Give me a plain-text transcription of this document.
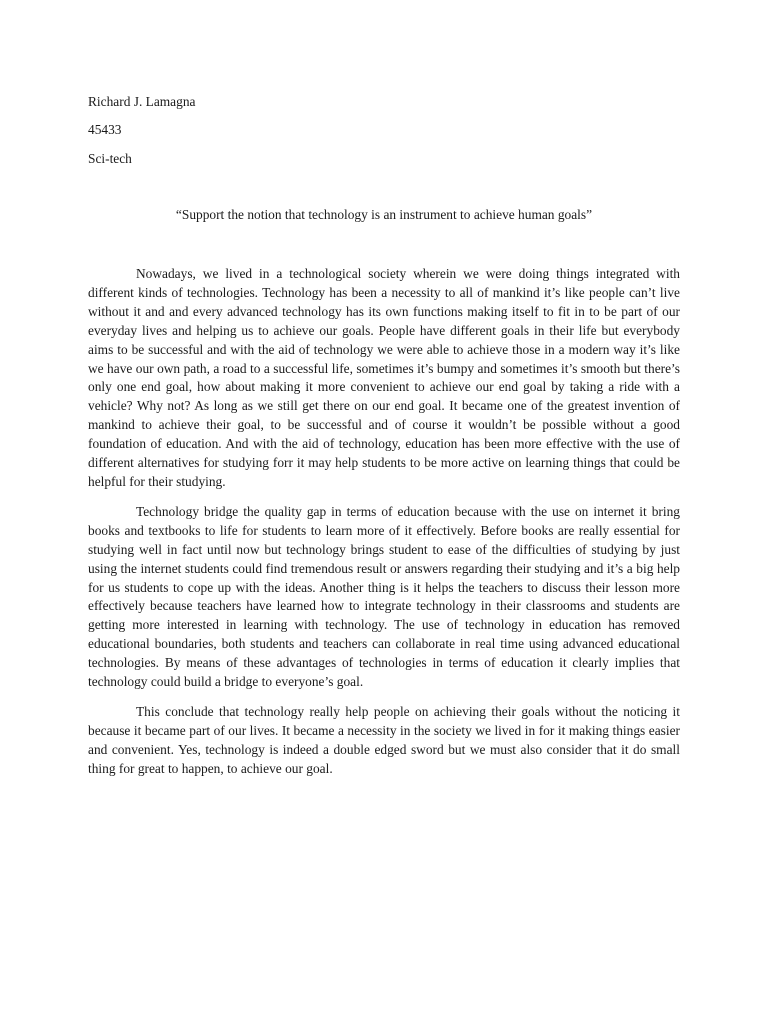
Richard J. Lamagna

45433

Sci-tech

“Support the notion that technology is an instrument to achieve human goals”

Nowadays, we lived in a technological society wherein we were doing things integrated with different kinds of technologies. Technology has been a necessity to all of mankind it’s like people can’t live without it and and every advanced technology has its own functions making itself to fit in to be part of our everyday lives and helping us to achieve our goals. People have different goals in their life but everybody aims to be successful and with the aid of technology we were able to achieve those in a modern way it’s like we have our own path, a road to a successful life, sometimes it’s bumpy and sometimes it’s smooth but there’s only one end goal, how about making it more convenient to achieve our end goal by taking a ride with a vehicle? Why not? As long as we still get there on our end goal. It became one of the greatest invention of mankind to achieve their goal, to be successful and of course it wouldn’t be possible without a good foundation of education. And with the aid of technology, education has been more effective with the use of different alternatives for studying forr it may help students to be more active on learning things that could be helpful for their studying.

Technology bridge the quality gap in terms of education because with the use on internet it bring books and textbooks to life for students to learn more of it effectively. Before books are really essential for studying well in fact until now but technology brings student to ease of the difficulties of studying by just using the internet students could find tremendous result or answers regarding their studying and it’s a big help for us students to cope up with the ideas. Another thing is it helps the teachers to discuss their lesson more effectively because teachers have learned how to integrate technology in their classrooms and students are getting more interested in learning with technology. The use of technology in education has removed educational boundaries, both students and teachers can collaborate in real time using advanced educational technologies. By means of these advantages of technologies in terms of education it clearly implies that technology could build a bridge to everyone’s goal.

This conclude that technology really help people on achieving their goals without the noticing it because it became part of our lives. It became a necessity in the society we lived in for it making things easier and convenient. Yes, technology is indeed a double edged sword but we must also consider that it do small thing for great to happen, to achieve our goal.
